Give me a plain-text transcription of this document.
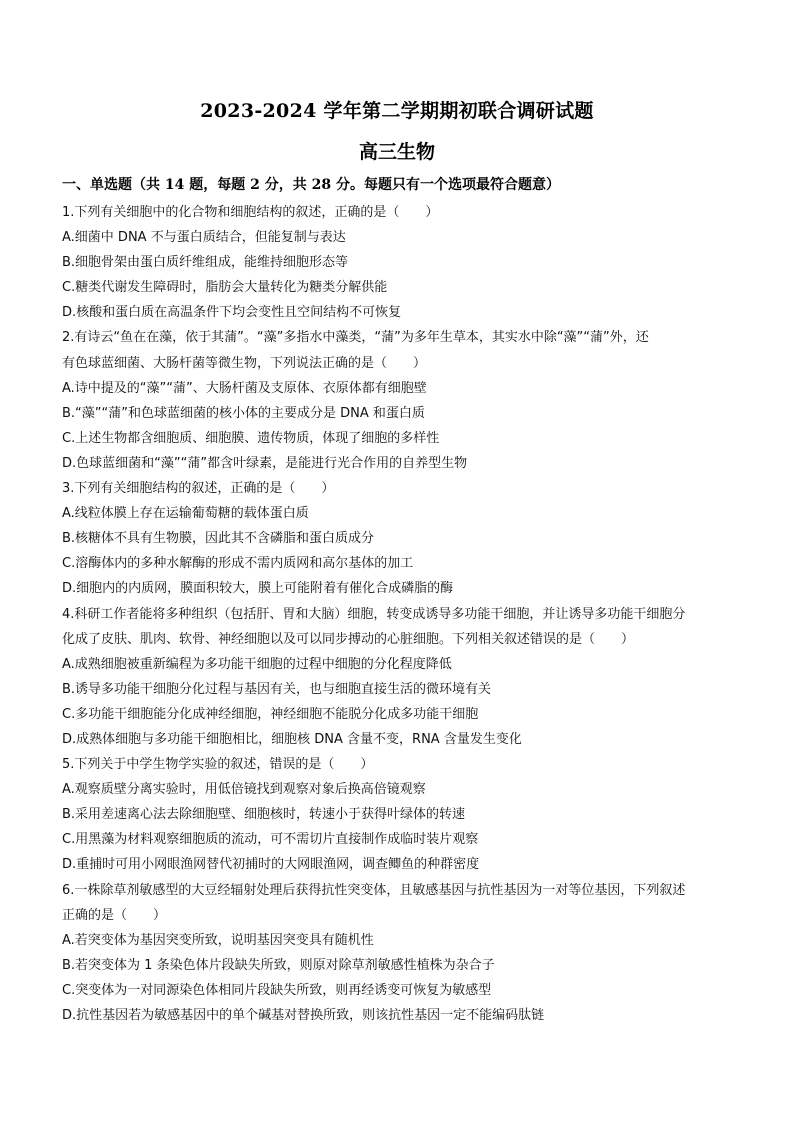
2023-2024 学年第二学期期初联合调研试题
高三生物
一、单选题（共 14 题，每题 2 分，共 28 分。每题只有一个选项最符合题意）
1.下列有关细胞中的化合物和细胞结构的叙述，正确的是（　　）
A.细菌中 DNA 不与蛋白质结合，但能复制与表达
B.细胞骨架由蛋白质纤维组成，能维持细胞形态等
C.糖类代谢发生障碍时，脂肪会大量转化为糖类分解供能
D.核酸和蛋白质在高温条件下均会变性且空间结构不可恢复
2.有诗云“鱼在在藻，依于其蒲”。“藻”多指水中藻类，“蒲”为多年生草本，其实水中除“藻”“蒲”外，还
有色球蓝细菌、大肠杆菌等微生物，下列说法正确的是（　　）
A.诗中提及的“藻”“蒲”、大肠杆菌及支原体、衣原体都有细胞壁
B.“藻”“蒲”和色球蓝细菌的核小体的主要成分是 DNA 和蛋白质
C.上述生物都含细胞质、细胞膜、遗传物质，体现了细胞的多样性
D.色球蓝细菌和“藻”“蒲”都含叶绿素，是能进行光合作用的自养型生物
3.下列有关细胞结构的叙述，正确的是（　　）
A.线粒体膜上存在运输葡萄糖的载体蛋白质
B.核糖体不具有生物膜，因此其不含磷脂和蛋白质成分
C.溶酶体内的多种水解酶的形成不需内质网和高尔基体的加工
D.细胞内的内质网，膜面积较大，膜上可能附着有催化合成磷脂的酶
4.科研工作者能将多种组织（包括肝、胃和大脑）细胞，转变成诱导多功能干细胞，并让诱导多功能干细胞分
化成了皮肤、肌肉、软骨、神经细胞以及可以同步搏动的心脏细胞。下列相关叙述错误的是（　　）
A.成熟细胞被重新编程为多功能干细胞的过程中细胞的分化程度降低
B.诱导多功能干细胞分化过程与基因有关，也与细胞直接生活的微环境有关
C.多功能干细胞能分化成神经细胞，神经细胞不能脱分化成多功能干细胞
D.成熟体细胞与多功能干细胞相比，细胞核 DNA 含量不变，RNA 含量发生变化
5.下列关于中学生物学实验的叙述，错误的是（　　）
A.观察质壁分离实验时，用低倍镜找到观察对象后换高倍镜观察
B.采用差速离心法去除细胞壁、细胞核时，转速小于获得叶绿体的转速
C.用黑藻为材料观察细胞质的流动，可不需切片直接制作成临时装片观察
D.重捕时可用小网眼渔网替代初捕时的大网眼渔网，调查鲫鱼的种群密度
6.一株除草剂敏感型的大豆经辐射处理后获得抗性突变体，且敏感基因与抗性基因为一对等位基因，下列叙述
正确的是（　　）
A.若突变体为基因突变所致，说明基因突变具有随机性
B.若突变体为 1 条染色体片段缺失所致，则原对除草剂敏感性植株为杂合子
C.突变体为一对同源染色体相同片段缺失所致，则再经诱变可恢复为敏感型
D.抗性基因若为敏感基因中的单个碱基对替换所致，则该抗性基因一定不能编码肽链
